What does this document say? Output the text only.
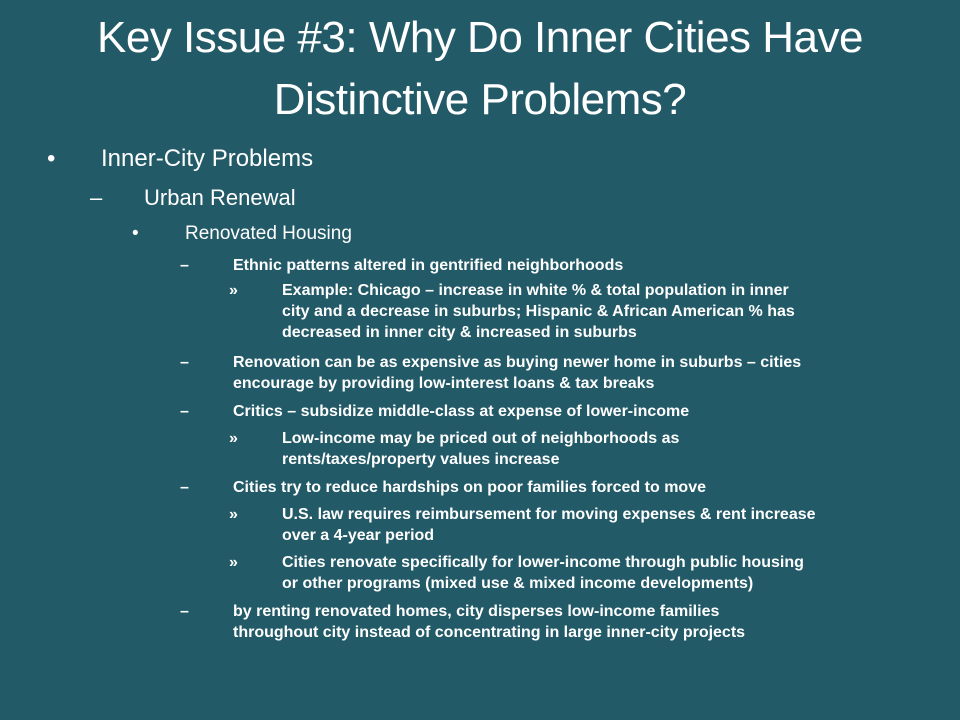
Key Issue #3: Why Do Inner Cities Have
Distinctive Problems?
• Inner-City Problems
– Urban Renewal
• Renovated Housing
–	Ethnic patterns altered in gentrified neighborhoods
»	Example: Chicago – increase in white % & total population in inner
city and a decrease in suburbs; Hispanic & African American % has
decreased in inner city & increased in suburbs
–	Renovation can be as expensive as buying newer home in suburbs – cities
encourage by providing low-interest loans & tax breaks
–	Critics – subsidize middle-class at expense of lower-income
»	Low-income may be priced out of neighborhoods as
rents/taxes/property values increase
–	Cities try to reduce hardships on poor families forced to move
»	U.S. law requires reimbursement for moving expenses & rent increase
over a 4-year period
»	Cities renovate specifically for lower-income through public housing
or other programs (mixed use & mixed income developments)
–	by renting renovated homes, city disperses low-income families
throughout city instead of concentrating in large inner-city projects
